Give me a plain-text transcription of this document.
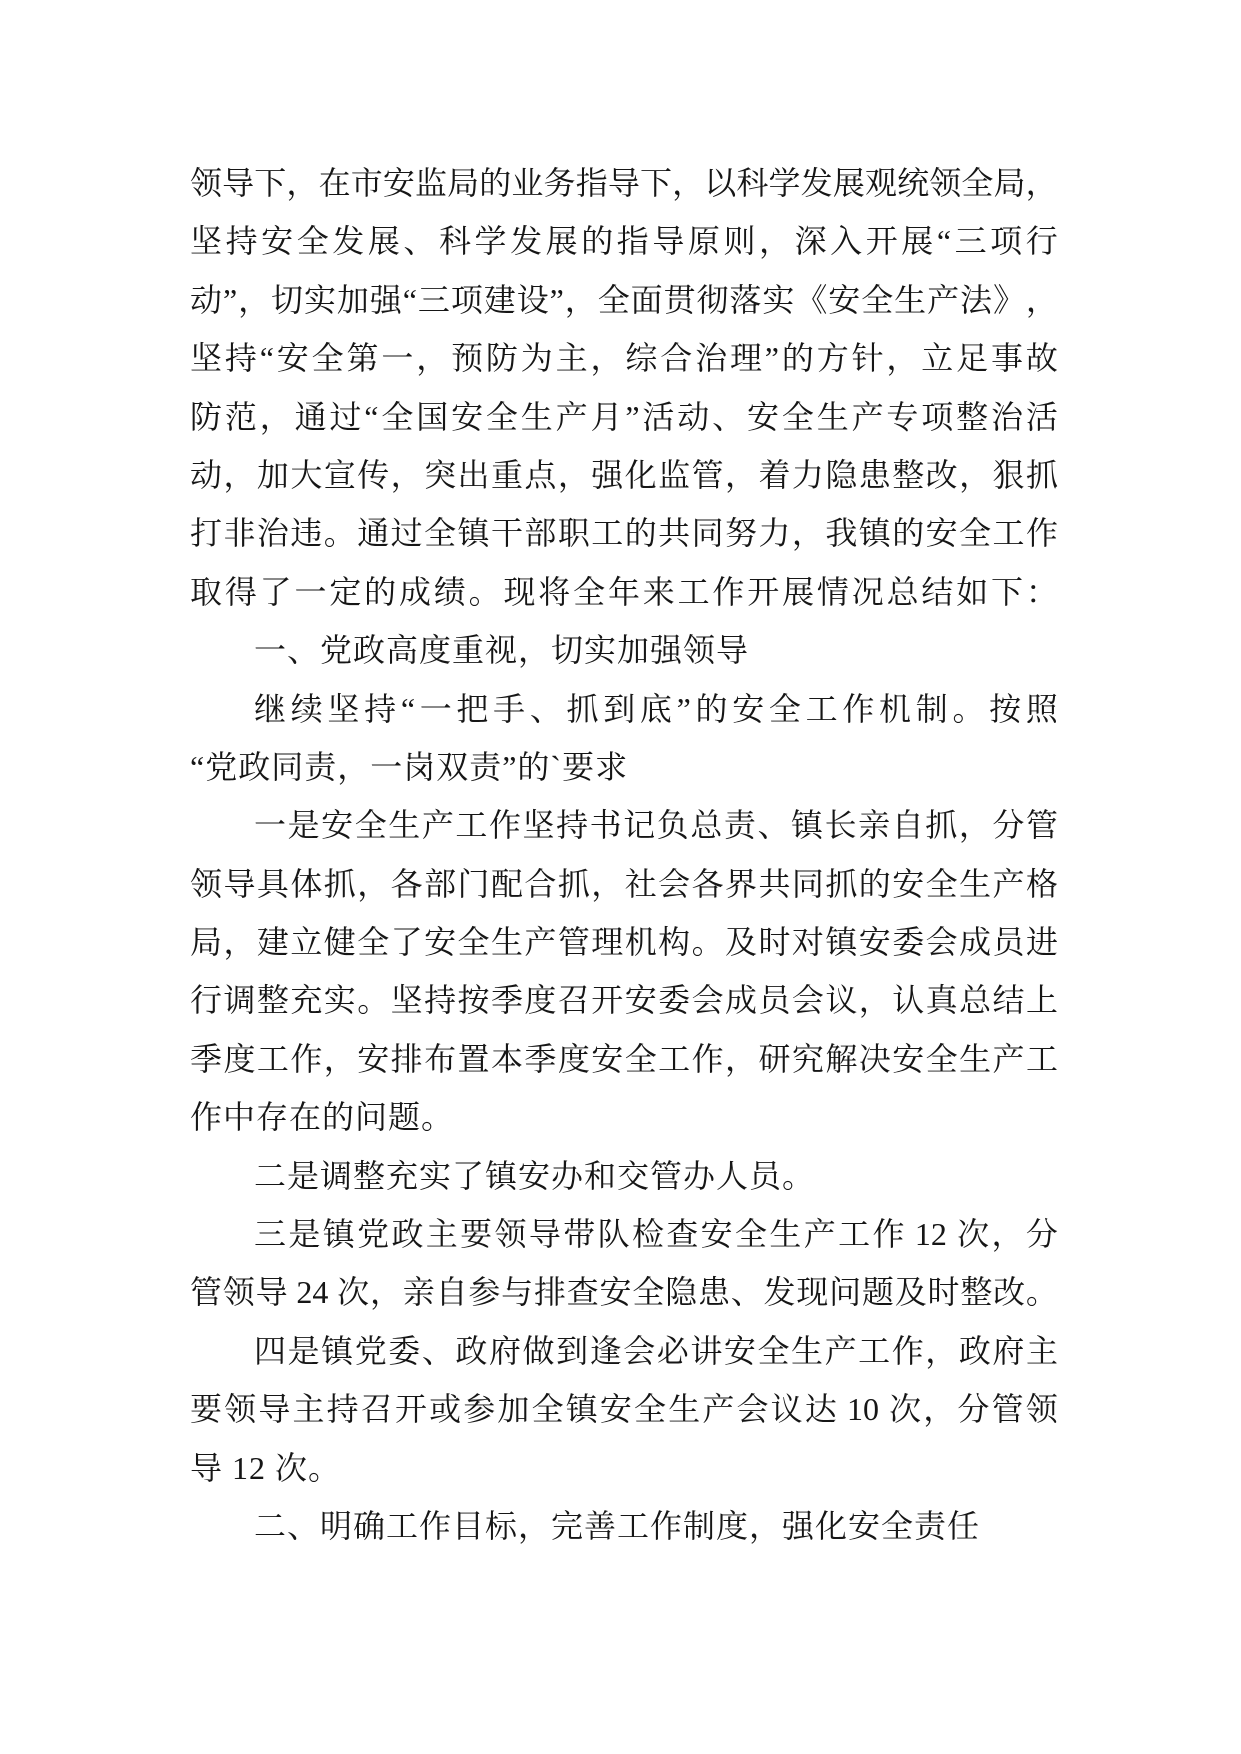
领 导 下 ， 在 市 安 监 局 的 业 务 指 导 下 ， 以 科 学 发 展 观 统 领 全 局 ，
坚 持 安 全 发 展 、 科 学 发 展 的 指 导 原 则 ， 深 入 开 展 “ 三 项 行
动 ” ， 切 实 加 强 “ 三 项 建 设 ” ， 全 面 贯 彻 落 实 《 安 全 生 产 法 》 ，
坚 持 “ 安 全 第 一 ， 预 防 为 主 ， 综 合 治 理 ” 的 方 针 ， 立 足 事 故
防 范 ， 通 过 “ 全 国 安 全 生 产 月 ” 活 动 、 安 全 生 产 专 项 整 治 活
动 ， 加 大 宣 传 ， 突 出 重 点 ， 强 化 监 管 ， 着 力 隐 患 整 改 ， 狠 抓
打 非 治 违 。 通 过 全 镇 干 部 职 工 的 共 同 努 力 ， 我 镇 的 安 全 工 作
取 得 了 一 定 的 成 绩 。 现 将 全 年 来 工 作 开 展 情 况 总 结 如 下 ：
一、党政高度重视，切实加强领导
继 续 坚 持 “ 一 把 手 、 抓 到 底 ” 的 安 全 工 作 机 制 。 按 照
“党政同责，一岗双责”的`要求
一 是 安 全 生 产 工 作 坚 持 书 记 负 总 责 、 镇 长 亲 自 抓 ， 分 管
领 导 具 体 抓 ， 各 部 门 配 合 抓 ， 社 会 各 界 共 同 抓 的 安 全 生 产 格
局 ， 建 立 健 全 了 安 全 生 产 管 理 机 构 。 及 时 对 镇 安 委 会 成 员 进
行 调 整 充 实 。 坚 持 按 季 度 召 开 安 委 会 成 员 会 议 ， 认 真 总 结 上
季 度 工 作 ， 安 排 布 置 本 季 度 安 全 工 作 ， 研 究 解 决 安 全 生 产 工
作中存在的问题。
二是调整充实了镇安办和交管办人员。
三 是 镇 党 政 主 要 领 导 带 队 检 查 安 全 生 产 工 作 12 次 ， 分
管 领 导 24 次 ， 亲 自 参 与 排 查 安 全 隐 患 、 发 现 问 题 及 时 整 改 。
四 是 镇 党 委 、 政 府 做 到 逢 会 必 讲 安 全 生 产 工 作 ， 政 府 主
要 领 导 主 持 召 开 或 参 加 全 镇 安 全 生 产 会 议 达 10 次 ， 分 管 领
导 12 次。
二、明确工作目标，完善工作制度，强化安全责任
